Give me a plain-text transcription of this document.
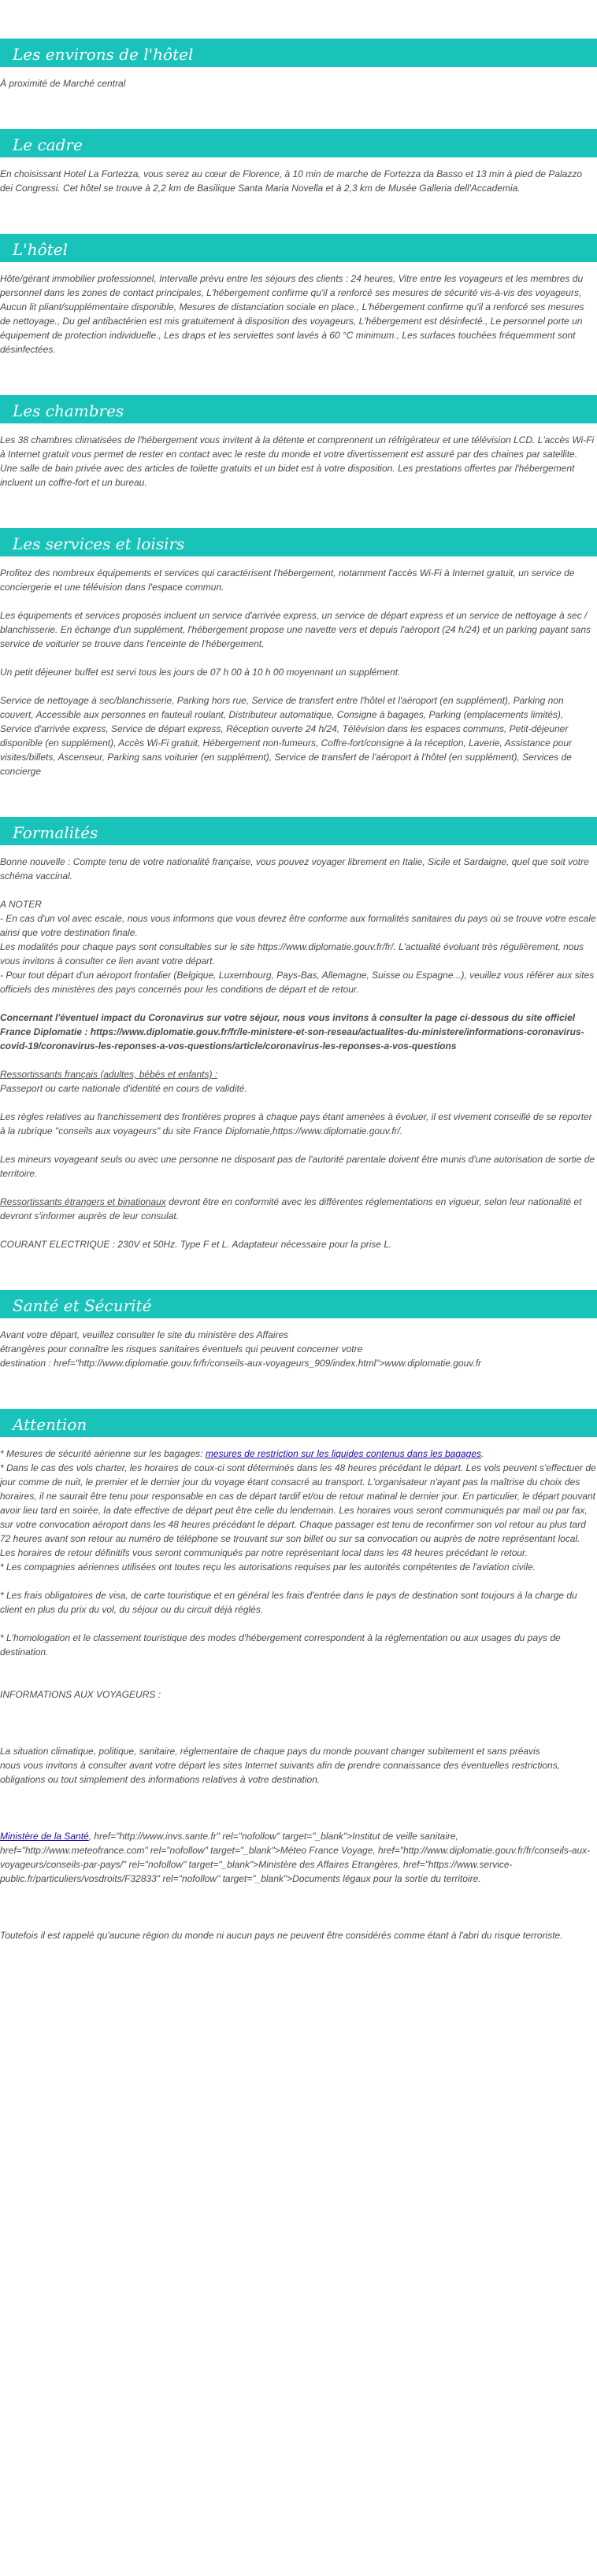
Les environs de l'hôtel

À proximité de Marché central

Le cadre

En choisissant Hotel La Fortezza, vous serez au cœur de Florence, à 10 min de marche de Fortezza da Basso et 13 min à pied de Palazzo dei Congressi. Cet hôtel se trouve à 2,2 km de Basilique Santa Maria Novella et à 2,3 km de Musée Galleria dell'Accademia.

L'hôtel

Hôte/gérant immobilier professionnel, Intervalle prévu entre les séjours des clients : 24 heures, Vitre entre les voyageurs et les membres du personnel dans les zones de contact principales, L'hébergement confirme qu'il a renforcé ses mesures de sécurité vis-à-vis des voyageurs, Aucun lit pliant/supplémentaire disponible, Mesures de distanciation sociale en place., L'hébergement confirme qu'il a renforcé ses mesures de nettoyage., Du gel antibactérien est mis gratuitement à disposition des voyageurs, L'hébergement est désinfecté., Le personnel porte un équipement de protection individuelle., Les draps et les serviettes sont lavés à 60 °C minimum., Les surfaces touchées fréquemment sont désinfectées.

Les chambres

Les 38 chambres climatisées de l'hébergement vous invitent à la détente et comprennent un réfrigérateur et une télévision LCD. L'accès Wi-Fi à Internet gratuit vous permet de rester en contact avec le reste du monde et votre divertissement est assuré par des chaines par satellite. Une salle de bain privée avec des articles de toilette gratuits et un bidet est à votre disposition. Les prestations offertes par l'hébergement incluent un coffre-fort et un bureau.

Les services et loisirs

Profitez des nombreux équipements et services qui caractérisent l'hébergement, notamment l'accès Wi-Fi à Internet gratuit, un service de conciergerie et une télévision dans l'espace commun.

Les équipements et services proposés incluent un service d'arrivée express, un service de départ express et un service de nettoyage à sec / blanchisserie. En échange d'un supplément, l'hébergement propose une navette vers et depuis l'aéroport (24 h/24) et un parking payant sans service de voiturier se trouve dans l'enceinte de l'hébergement.

Un petit déjeuner buffet est servi tous les jours de 07 h 00 à 10 h 00 moyennant un supplément.

Service de nettoyage à sec/blanchisserie, Parking hors rue, Service de transfert entre l'hôtel et l'aéroport (en supplément), Parking non couvert, Accessible aux personnes en fauteuil roulant, Distributeur automatique, Consigne à bagages, Parking (emplacements limités), Service d'arrivée express, Service de départ express, Réception ouverte 24 h/24, Télévision dans les espaces communs, Petit-déjeuner disponible (en supplément), Accès Wi-Fi gratuit, Hébergement non-fumeurs, Coffre-fort/consigne à la réception, Laverie, Assistance pour visites/billets, Ascenseur, Parking sans voiturier (en supplément), Service de transfert de l'aéroport à l'hôtel (en supplément), Services de concierge

Formalités

Bonne nouvelle : Compte tenu de votre nationalité française, vous pouvez voyager librement en Italie, Sicile et Sardaigne, quel que soit votre schéma vaccinal.

A NOTER

- En cas d'un vol avec escale, nous vous informons que vous devrez être conforme aux formalités sanitaires du pays où se trouve votre escale ainsi que votre destination finale.

Les modalités pour chaque pays sont consultables sur le site https://www.diplomatie.gouv.fr/fr/. L'actualité évoluant très régulièrement, nous vous invitons à consulter ce lien avant votre départ.

- Pour tout départ d'un aéroport frontalier (Belgique, Luxembourg, Pays-Bas, Allemagne, Suisse ou Espagne...), veuillez vous référer aux sites officiels des ministères des pays concernés pour les conditions de départ et de retour.

Concernant l'éventuel impact du Coronavirus sur votre séjour, nous vous invitons à consulter la page ci-dessous du site officiel France Diplomatie : https://www.diplomatie.gouv.fr/fr/le-ministere-et-son-reseau/actualites-du-ministere/informations-coronavirus-covid-19/coronavirus-les-reponses-a-vos-questions/article/coronavirus-les-reponses-a-vos-questions

Ressortissants français (adultes, bébés et enfants) :

Passeport ou carte nationale d'identité en cours de validité.

Les règles relatives au franchissement des frontières propres à chaque pays étant amenées à évoluer, il est vivement conseillé de se reporter à la rubrique "conseils aux voyageurs" du site France Diplomatie,https://www.diplomatie.gouv.fr/.

Les mineurs voyageant seuls ou avec une personne ne disposant pas de l'autorité parentale doivent être munis d'une autorisation de sortie de territoire.

Ressortissants étrangers et binationaux devront être en conformité avec les différentes réglementations en vigueur, selon leur nationalité et devront s'informer auprès de leur consulat.

COURANT ELECTRIQUE : 230V et 50Hz. Type F et L. Adaptateur nécessaire pour la prise L.

Santé et Sécurité

Avant votre départ, veuillez consulter le site du ministère des Affaires

étrangères pour connaître les risques sanitaires éventuels qui peuvent concerner votre

destination : href="http://www.diplomatie.gouv.fr/fr/conseils-aux-voyageurs_909/index.html">www.diplomatie.gouv.fr

Attention

* Mesures de sécurité aérienne sur les bagages: mesures de restriction sur les liquides contenus dans les bagages.

* Dans le cas des vols charter, les horaires de coux-ci sont déterminés dans les 48 heures précédant le départ. Les vols peuvent s'effectuer de jour comme de nuit, le premier et le dernier jour du voyage étant consacré au transport. L'organisateur n'ayant pas la maîtrise du choix des horaires, il ne saurait être tenu pour responsable en cas de départ tardif et/ou de retour matinal le dernier jour. En particulier, le départ pouvant avoir lieu tard en soirée, la date effective de départ peut être celle du lendemain. Les horaires vous seront communiqués par mail ou par fax, sur votre convocation aéroport dans les 48 heures précédant le départ. Chaque passager est tenu de reconfirmer son vol retour au plus tard 72 heures avant son retour au numéro de téléphone se trouvant sur son billet ou sur sa convocation ou auprès de notre représentant local. Les horaires de retour définitifs vous seront communiqués par notre représentant local dans les 48 heures précédant le retour.

* Les compagnies aériennes utilisées ont toutes reçu les autorisations requises par les autorités compétentes de l'aviation civile.

* Les frais obligatoires de visa, de carte touristique et en général les frais d'entrée dans le pays de destination sont toujours à la charge du client en plus du prix du vol, du séjour ou du circuit déjà réglés.

* L'homologation et le classement touristique des modes d'hébergement correspondent à la réglementation ou aux usages du pays de destination.

INFORMATIONS AUX VOYAGEURS :

La situation climatique, politique, sanitaire, réglementaire de chaque pays du monde pouvant changer subitement et sans préavis

nous vous invitons à consulter avant votre départ les sites Internet suivants afin de prendre connaissance des éventuelles restrictions, obligations ou tout simplement des informations relatives à votre destination.

Ministère de la Santé, href="http://www.invs.sante.fr" rel="nofollow" target="_blank">Institut de veille sanitaire, href="http://www.meteofrance.com" rel="nofollow" target="_blank">Méteo France Voyage, href="http://www.diplomatie.gouv.fr/fr/conseils-aux-voyageurs/conseils-par-pays/" rel="nofollow" target="_blank">Ministère des Affaires Etrangères, href="https://www.service-public.fr/particuliers/vosdroits/F32833" rel="nofollow" target="_blank">Documents légaux pour la sortie du territoire.

Toutefois il est rappelé qu'aucune région du monde ni aucun pays ne peuvent être considérés comme étant à l'abri du risque terroriste.
